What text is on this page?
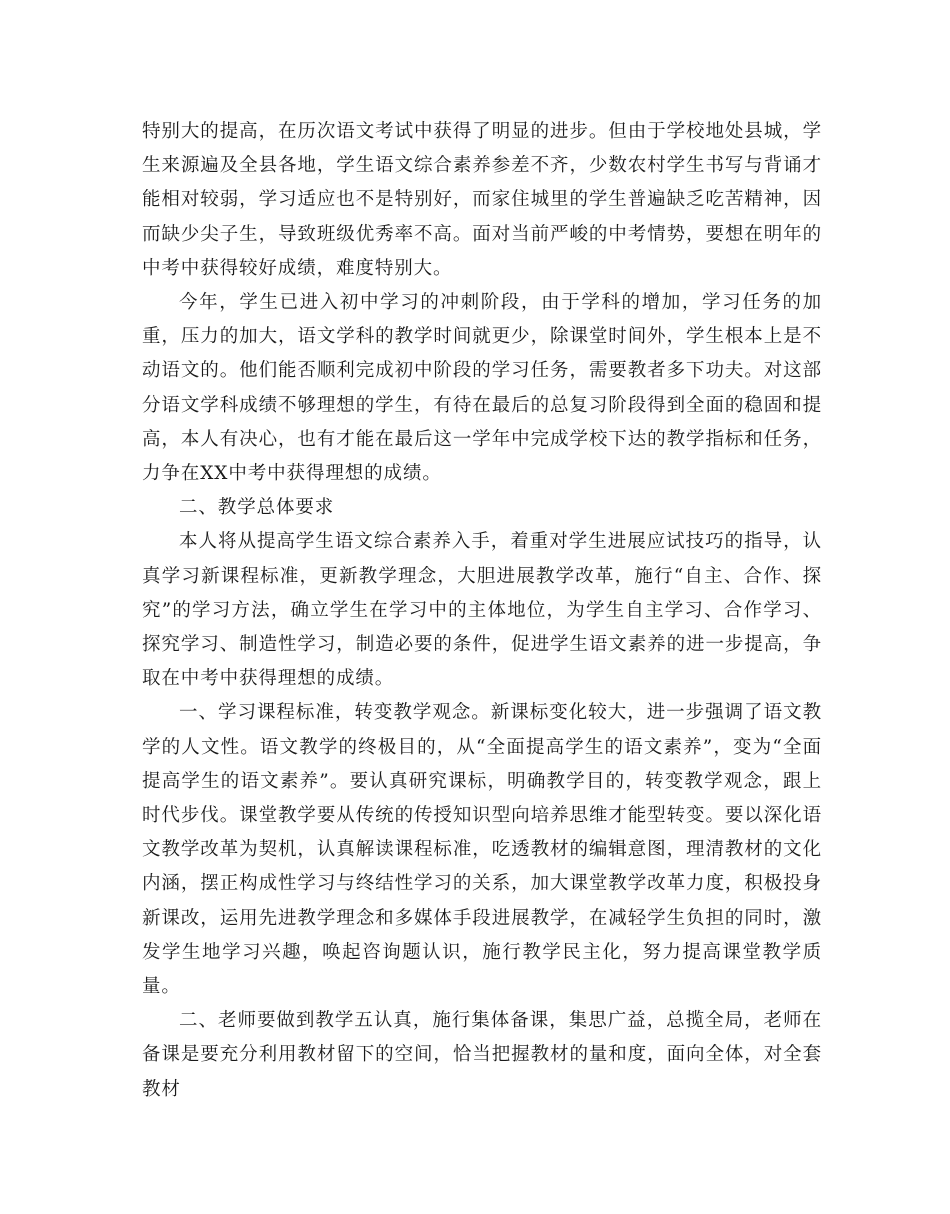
特别大的提高，在历次语文考试中获得了明显的进步。但由于学校地处县城，学生来源遍及全县各地，学生语文综合素养参差不齐，少数农村学生书写与背诵才能相对较弱，学习适应也不是特别好，而家住城里的学生普遍缺乏吃苦精神，因而缺少尖子生，导致班级优秀率不高。面对当前严峻的中考情势，要想在明年的中考中获得较好成绩，难度特别大。

今年，学生已进入初中学习的冲刺阶段，由于学科的增加，学习任务的加重，压力的加大，语文学科的教学时间就更少，除课堂时间外，学生根本上是不动语文的。他们能否顺利完成初中阶段的学习任务，需要教者多下功夫。对这部分语文学科成绩不够理想的学生，有待在最后的总复习阶段得到全面的稳固和提高，本人有决心，也有才能在最后这一学年中完成学校下达的教学指标和任务，力争在XX中考中获得理想的成绩。

二、教学总体要求

本人将从提高学生语文综合素养入手，着重对学生进展应试技巧的指导，认真学习新课程标准，更新教学理念，大胆进展教学改革，施行“自主、合作、探究”的学习方法，确立学生在学习中的主体地位，为学生自主学习、合作学习、探究学习、制造性学习，制造必要的条件，促进学生语文素养的进一步提高，争取在中考中获得理想的成绩。

一、学习课程标准，转变教学观念。新课标变化较大，进一步强调了语文教学的人文性。语文教学的终极目的，从“全面提高学生的语文素养”，变为“全面提高学生的语文素养”。要认真研究课标，明确教学目的，转变教学观念，跟上时代步伐。课堂教学要从传统的传授知识型向培养思维才能型转变。要以深化语文教学改革为契机，认真解读课程标准，吃透教材的编辑意图，理清教材的文化内涵，摆正构成性学习与终结性学习的关系，加大课堂教学改革力度，积极投身新课改，运用先进教学理念和多媒体手段进展教学，在减轻学生负担的同时，激发学生地学习兴趣，唤起咨询题认识，施行教学民主化，努力提高课堂教学质量。

二、老师要做到教学五认真，施行集体备课，集思广益，总揽全局，老师在备课是要充分利用教材留下的空间，恰当把握教材的量和度，面向全体，对全套教材
